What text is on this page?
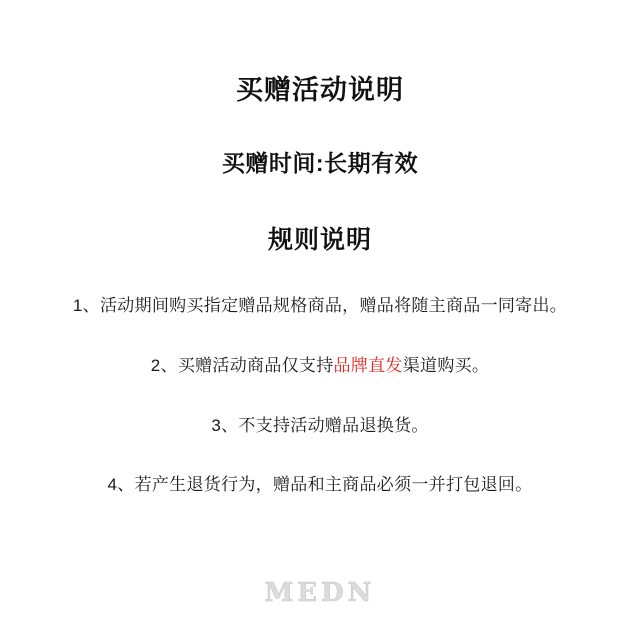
买赠活动说明
买赠时间:长期有效
规则说明
1、活动期间购买指定赠品规格商品，赠品将随主商品一同寄出。
2、买赠活动商品仅支持品牌直发渠道购买。
3、不支持活动赠品退换货。
4、若产生退货行为，赠品和主商品必须一并打包退回。
MEDN
